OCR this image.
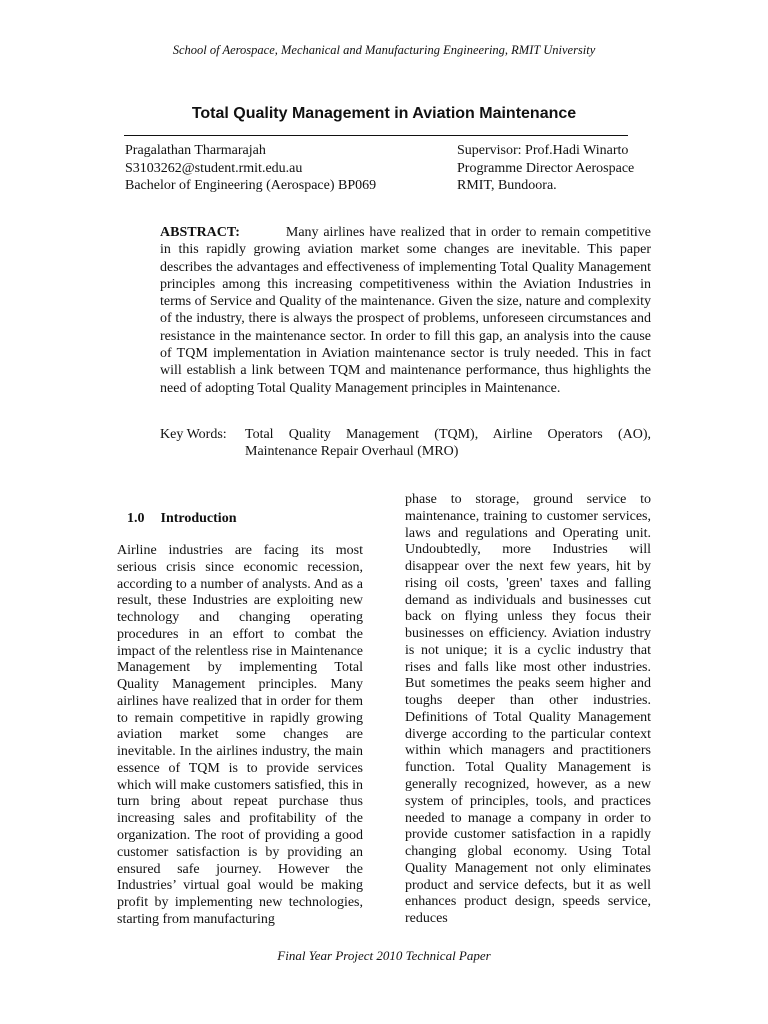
School of Aerospace, Mechanical and Manufacturing Engineering, RMIT University
Total Quality Management in Aviation Maintenance
Pragalathan Tharmarajah
S3103262@student.rmit.edu.au
Bachelor of Engineering (Aerospace) BP069
Supervisor: Prof.Hadi Winarto
Programme Director Aerospace
RMIT, Bundoora.
ABSTRACT:	Many airlines have realized that in order to remain competitive in this rapidly growing aviation market some changes are inevitable. This paper describes the advantages and effectiveness of implementing Total Quality Management principles among this increasing competitiveness within the Aviation Industries in terms of Service and Quality of the maintenance. Given the size, nature and complexity of the industry, there is always the prospect of problems, unforeseen circumstances and resistance in the maintenance sector. In order to fill this gap, an analysis into the cause of TQM implementation in Aviation maintenance sector is truly needed. This in fact will establish a link between TQM and maintenance performance, thus highlights the need of adopting Total Quality Management principles in Maintenance.
Key Words: Total Quality Management (TQM), Airline Operators (AO), Maintenance Repair Overhaul (MRO)
1.0 Introduction
Airline industries are facing its most serious crisis since economic recession, according to a number of analysts. And as a result, these Industries are exploiting new technology and changing operating procedures in an effort to combat the impact of the relentless rise in Maintenance Management by implementing Total Quality Management principles. Many airlines have realized that in order for them to remain competitive in rapidly growing aviation market some changes are inevitable. In the airlines industry, the main essence of TQM is to provide services which will make customers satisfied, this in turn bring about repeat purchase thus increasing sales and profitability of the organization. The root of providing a good customer satisfaction is by providing an ensured safe journey. However the Industries’ virtual goal would be making profit by implementing new technologies, starting from manufacturing
phase to storage, ground service to maintenance, training to customer services, laws and regulations and Operating unit. Undoubtedly, more Industries will disappear over the next few years, hit by rising oil costs, 'green' taxes and falling demand as individuals and businesses cut back on flying unless they focus their businesses on efficiency. Aviation industry is not unique; it is a cyclic industry that rises and falls like most other industries. But sometimes the peaks seem higher and toughs deeper than other industries. Definitions of Total Quality Management diverge according to the particular context within which managers and practitioners function. Total Quality Management is generally recognized, however, as a new system of principles, tools, and practices needed to manage a company in order to provide customer satisfaction in a rapidly changing global economy. Using Total Quality Management not only eliminates product and service defects, but it as well enhances product design, speeds service, reduces
Final Year Project 2010 Technical Paper
